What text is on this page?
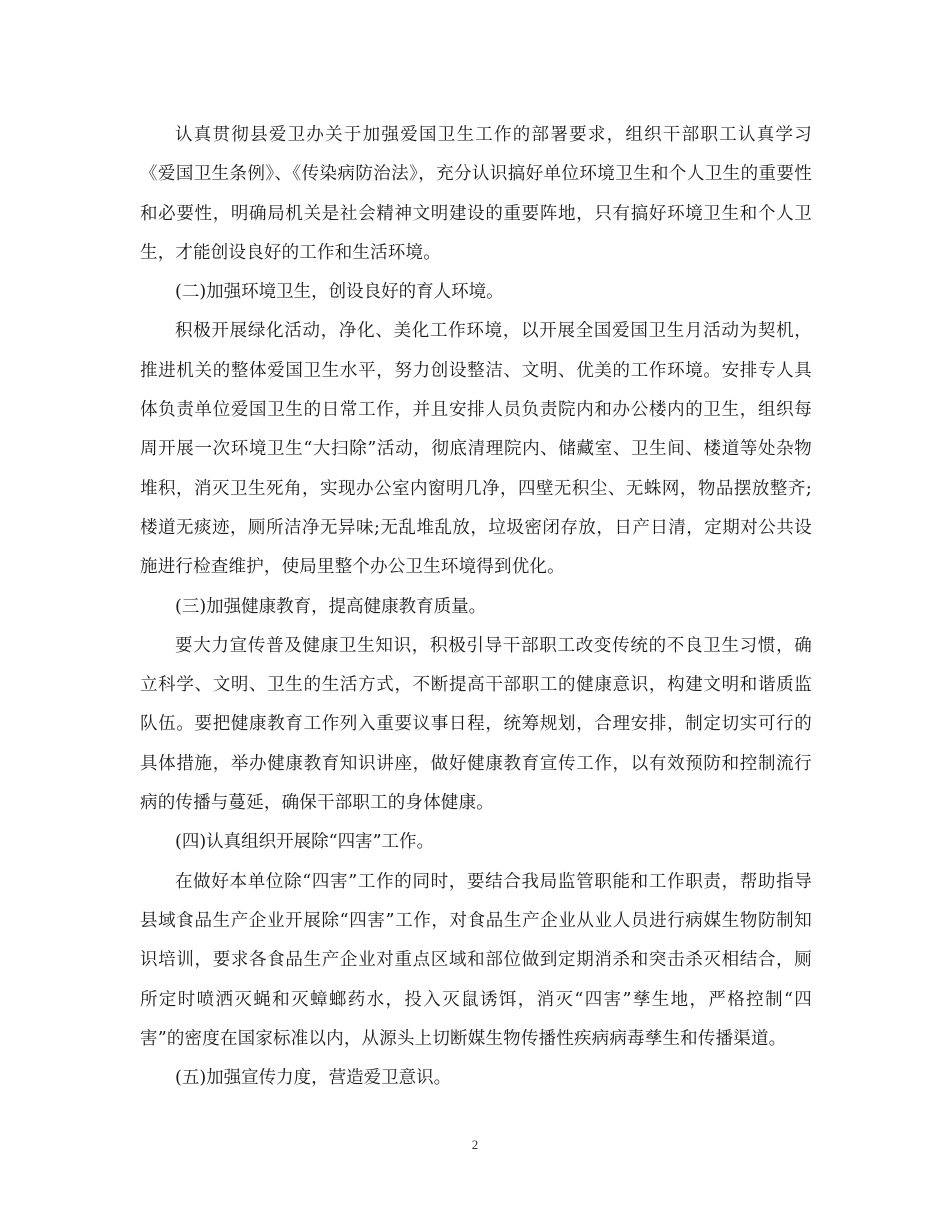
认真贯彻县爱卫办关于加强爱国卫生工作的部署要求，组织干部职工认真学习《爱国卫生条例》、《传染病防治法》，充分认识搞好单位环境卫生和个人卫生的重要性和必要性，明确局机关是社会精神文明建设的重要阵地，只有搞好环境卫生和个人卫生，才能创设良好的工作和生活环境。

(二)加强环境卫生，创设良好的育人环境。

积极开展绿化活动，净化、美化工作环境，以开展全国爱国卫生月活动为契机，推进机关的整体爱国卫生水平，努力创设整洁、文明、优美的工作环境。安排专人具体负责单位爱国卫生的日常工作，并且安排人员负责院内和办公楼内的卫生，组织每周开展一次环境卫生“大扫除”活动，彻底清理院内、储藏室、卫生间、楼道等处杂物堆积，消灭卫生死角，实现办公室内窗明几净，四壁无积尘、无蛛网，物品摆放整齐;楼道无痰迹，厕所洁净无异味;无乱堆乱放，垃圾密闭存放，日产日清，定期对公共设施进行检查维护，使局里整个办公卫生环境得到优化。

(三)加强健康教育，提高健康教育质量。

要大力宣传普及健康卫生知识，积极引导干部职工改变传统的不良卫生习惯，确立科学、文明、卫生的生活方式，不断提高干部职工的健康意识，构建文明和谐质监队伍。要把健康教育工作列入重要议事日程，统筹规划，合理安排，制定切实可行的具体措施，举办健康教育知识讲座，做好健康教育宣传工作，以有效预防和控制流行病的传播与蔓延，确保干部职工的身体健康。

(四)认真组织开展除“四害”工作。

在做好本单位除“四害”工作的同时，要结合我局监管职能和工作职责，帮助指导县域食品生产企业开展除“四害”工作，对食品生产企业从业人员进行病媒生物防制知识培训，要求各食品生产企业对重点区域和部位做到定期消杀和突击杀灭相结合，厕所定时喷洒灭蝇和灭蟑螂药水，投入灭鼠诱饵，消灭“四害”孳生地，严格控制“四害”的密度在国家标准以内，从源头上切断媒生物传播性疾病病毒孳生和传播渠道。

(五)加强宣传力度，营造爱卫意识。

2
